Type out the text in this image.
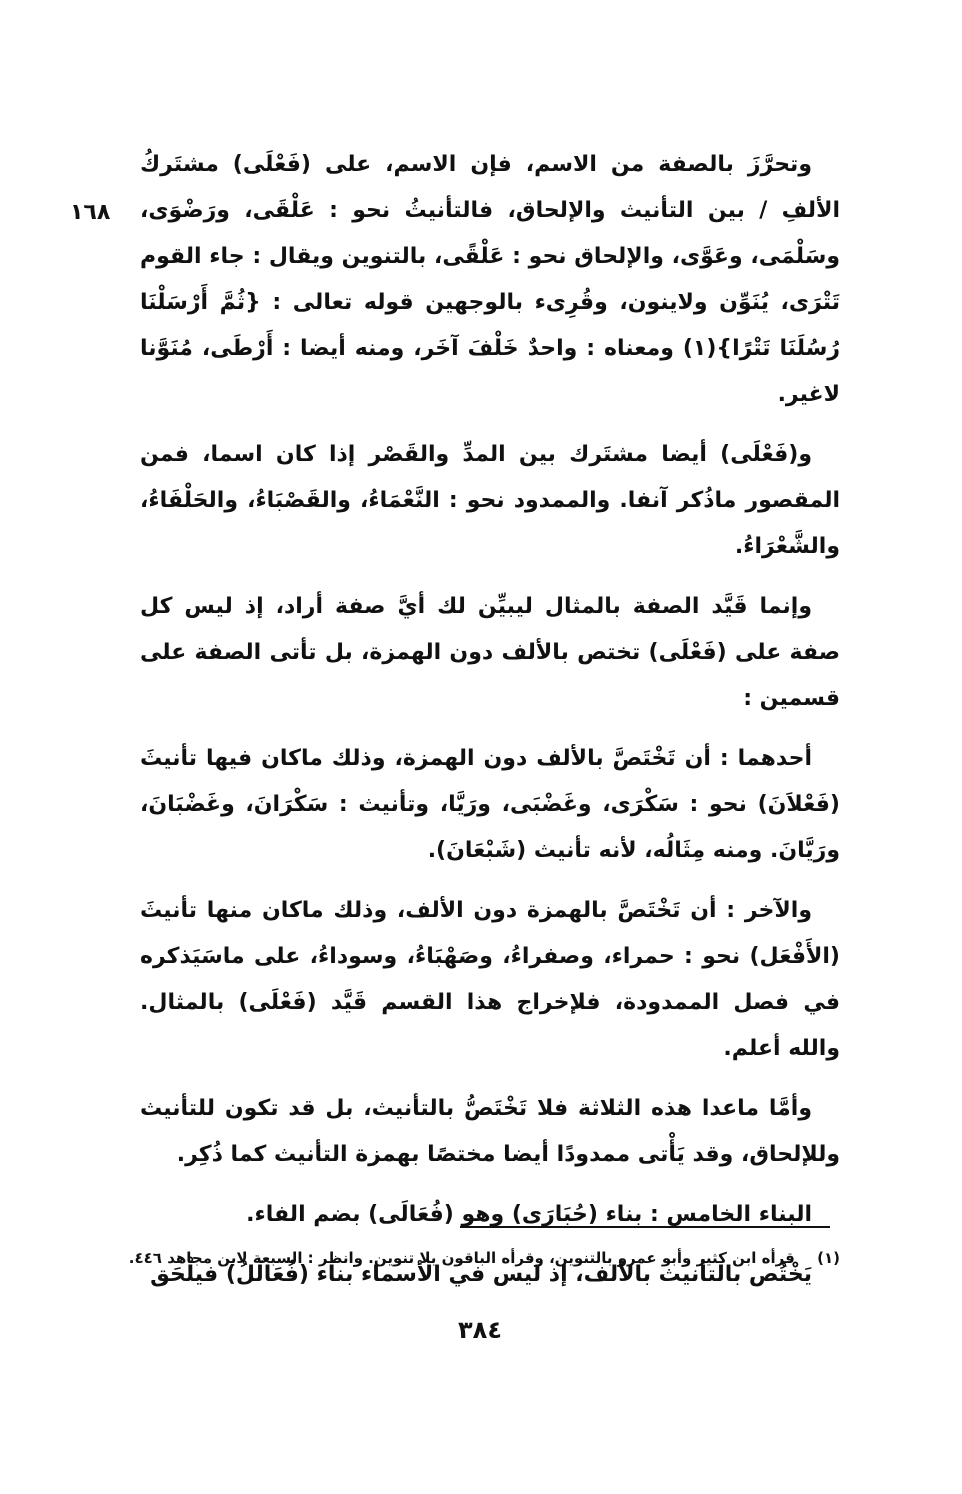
١٦٨

وتحرَّزَ بالصفة من الاسم، فإن الاسم، على (فَعْلَى) مشتَركُ الألفِ / بين التأنيث والإلحاق، فالتأنيثُ نحو : عَلْقَى، ورَضْوَى، وسَلْمَى، وعَوَّى، والإلحاق نحو : عَلْقًى، بالتنوين ويقال : جاء القوم تَتْرَى، يُنَوِّن ولاينون، وقُرِىء بالوجهين قوله تعالى : {ثُمَّ أَرْسَلْنَا رُسُلَنَا تَتْرًا}(١) ومعناه : واحدٌ خَلْفَ آخَر، ومنه أيضا : أَرْطَى، مُنَوَّنا لاغير.

و(فَعْلَى) أيضا مشتَرك بين المدِّ والقَصْر إذا كان اسما، فمن المقصور ماذُكر آنفا. والممدود نحو : النَّعْمَاءُ، والقَصْبَاءُ، والحَلْفَاءُ، والشَّعْرَاءُ.

وإنما قَيَّد الصفة بالمثال ليبيِّن لك أيَّ صفة أراد، إذ ليس كل صفة على (فَعْلَى) تختص بالألف دون الهمزة، بل تأتى الصفة على قسمين :

أحدهما : أن تَخْتَصَّ بالألف دون الهمزة، وذلك ماكان فيها تأنيثَ (فَعْلاَنَ) نحو : سَكْرَى، وغَضْبَى، ورَيَّا، وتأنيث : سَكْرَانَ، وغَضْبَانَ، ورَيَّانَ. ومنه مِثَالُه، لأنه تأنيث (شَبْعَانَ).

والآخر : أن تَخْتَصَّ بالهمزة دون الألف، وذلك ماكان منها تأنيثَ (الأَفْعَل) نحو : حمراء، وصفراءُ، وصَهْبَاءُ، وسوداءُ، على ماسَيَذكره في فصل الممدودة، فلإخراج هذا القسم قَيَّد (فَعْلَى) بالمثال. والله أعلم.

وأمَّا ماعدا هذه الثلاثة فلا تَخْتَصُّ بالتأنيث، بل قد تكون للتأنيث وللإلحاق، وقد يَأْتى ممدودًا أيضا مختصًا بهمزة التأنيث كما ذُكِر.

البناء الخامس : بناء (حُبَارَى) وهو (فُعَالَى) بضم الفاء.

يَخْتُص بالتأنيث بالألف، إذ ليس في الأسماء بناء (فُعَالَلُ) فيلْحَق

(١) قرأه ابن كثير وأبو عمرو بالتنوين، وقرأه الباقون بلا تنوين. وانظر : السبعة لابن مجاهد ٤٤٦.
٣٨٤
